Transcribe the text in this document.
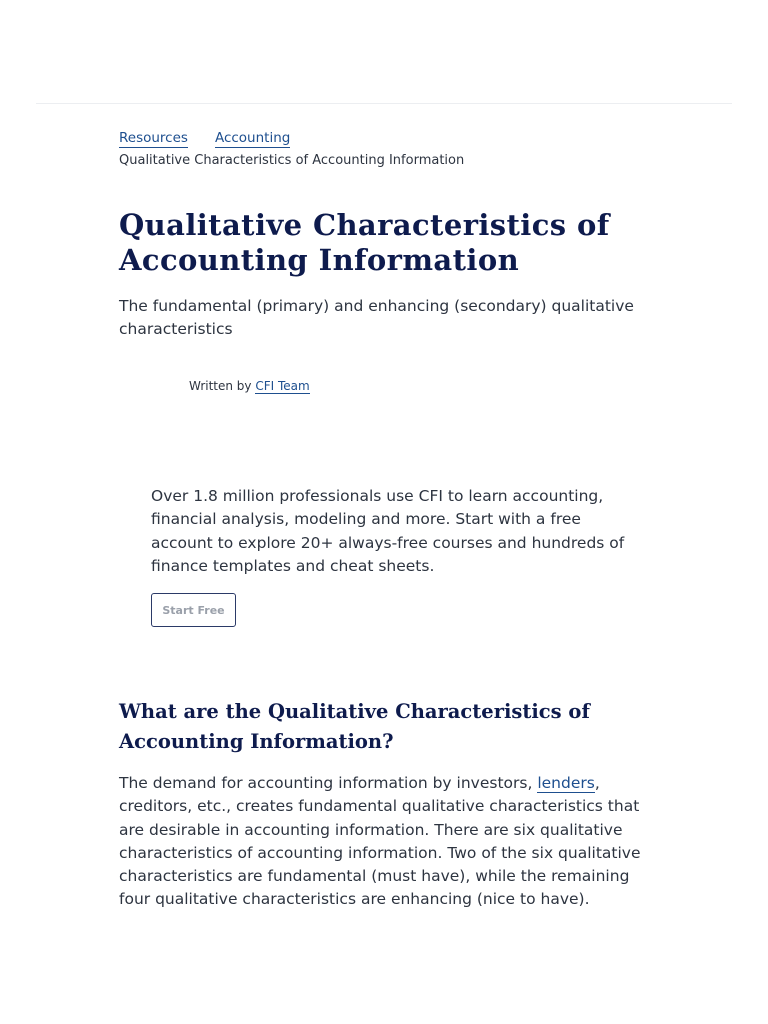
Resources Accounting
Qualitative Characteristics of Accounting Information
Qualitative Characteristics of Accounting Information

The fundamental (primary) and enhancing (secondary) qualitative characteristics

Written by CFI Team

Over 1.8 million professionals use CFI to learn accounting, financial analysis, modeling and more. Start with a free account to explore 20+ always-free courses and hundreds of finance templates and cheat sheets.

Start Free
What are the Qualitative Characteristics of Accounting Information?

The demand for accounting information by investors, lenders, creditors, etc., creates fundamental qualitative characteristics that are desirable in accounting information. There are six qualitative characteristics of accounting information. Two of the six qualitative characteristics are fundamental (must have), while the remaining four qualitative characteristics are enhancing (nice to have).
